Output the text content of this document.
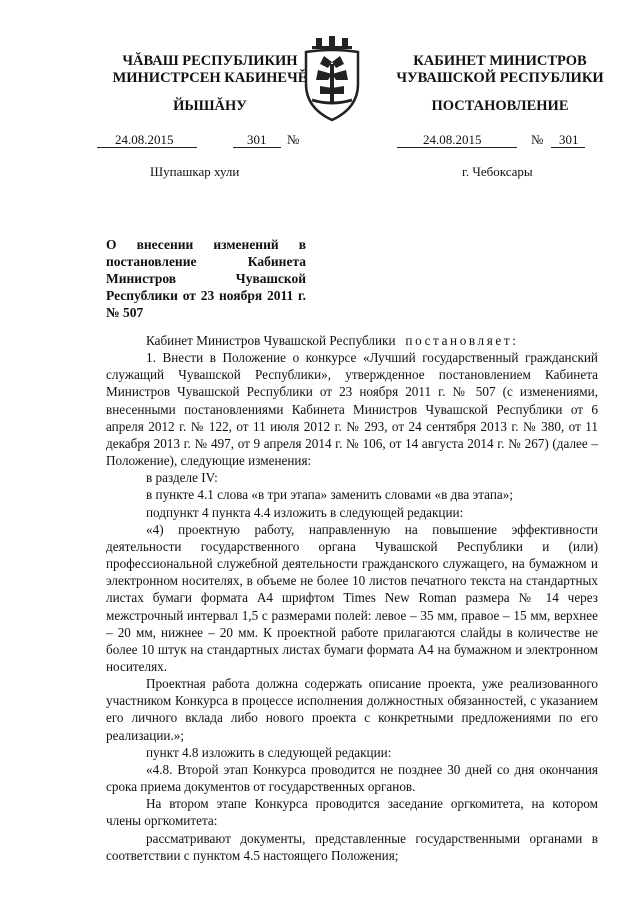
ЧĂВАШ РЕСПУБЛИКИН
МИНИСТРСЕН КАБИНЕЧĚ
ЙЫШĂНУ
КАБИНЕТ МИНИСТРОВ
ЧУВАШСКОЙ РЕСПУБЛИКИ
ПОСТАНОВЛЕНИЕ
24.08.2015	301 №	24.08.2015	№ 301
Шупашкар хули	г. Чебоксары
О внесении изменений в постановление Кабинета Министров Чувашской Республики от 23 ноября 2011 г. № 507

Кабинет Министров Чувашской Республики постановляет:

1. Внести в Положение о конкурсе «Лучший государственный гражданский служащий Чувашской Республики», утвержденное постановлением Кабинета Министров Чувашской Республики от 23 ноября 2011 г. № 507 (с изменениями, внесенными постановлениями Кабинета Министров Чувашской Республики от 6 апреля 2012 г. № 122, от 11 июля 2012 г. № 293, от 24 сентября 2013 г. № 380, от 11 декабря 2013 г. № 497, от 9 апреля 2014 г. № 106, от 14 августа 2014 г. № 267) (далее – Положение), следующие изменения:

в разделе IV:

в пункте 4.1 слова «в три этапа» заменить словами «в два этапа»;

подпункт 4 пункта 4.4 изложить в следующей редакции:

«4) проектную работу, направленную на повышение эффективности деятельности государственного органа Чувашской Республики и (или) профессиональной служебной деятельности гражданского служащего, на бумажном и электронном носителях, в объеме не более 10 листов печатного текста на стандартных листах бумаги формата А4 шрифтом Times New Roman размера № 14 через межстрочный интервал 1,5 с размерами полей: левое – 35 мм, правое – 15 мм, верхнее – 20 мм, нижнее – 20 мм. К проектной работе прилагаются слайды в количестве не более 10 штук на стандартных листах бумаги формата А4 на бумажном и электронном носителях.

Проектная работа должна содержать описание проекта, уже реализованного участником Конкурса в процессе исполнения должностных обязанностей, с указанием его личного вклада либо нового проекта с конкретными предложениями по его реализации.»;

пункт 4.8 изложить в следующей редакции:

«4.8. Второй этап Конкурса проводится не позднее 30 дней со дня окончания срока приема документов от государственных органов.

На втором этапе Конкурса проводится заседание оргкомитета, на котором члены оргкомитета:

рассматривают документы, представленные государственными органами в соответствии с пунктом 4.5 настоящего Положения;
